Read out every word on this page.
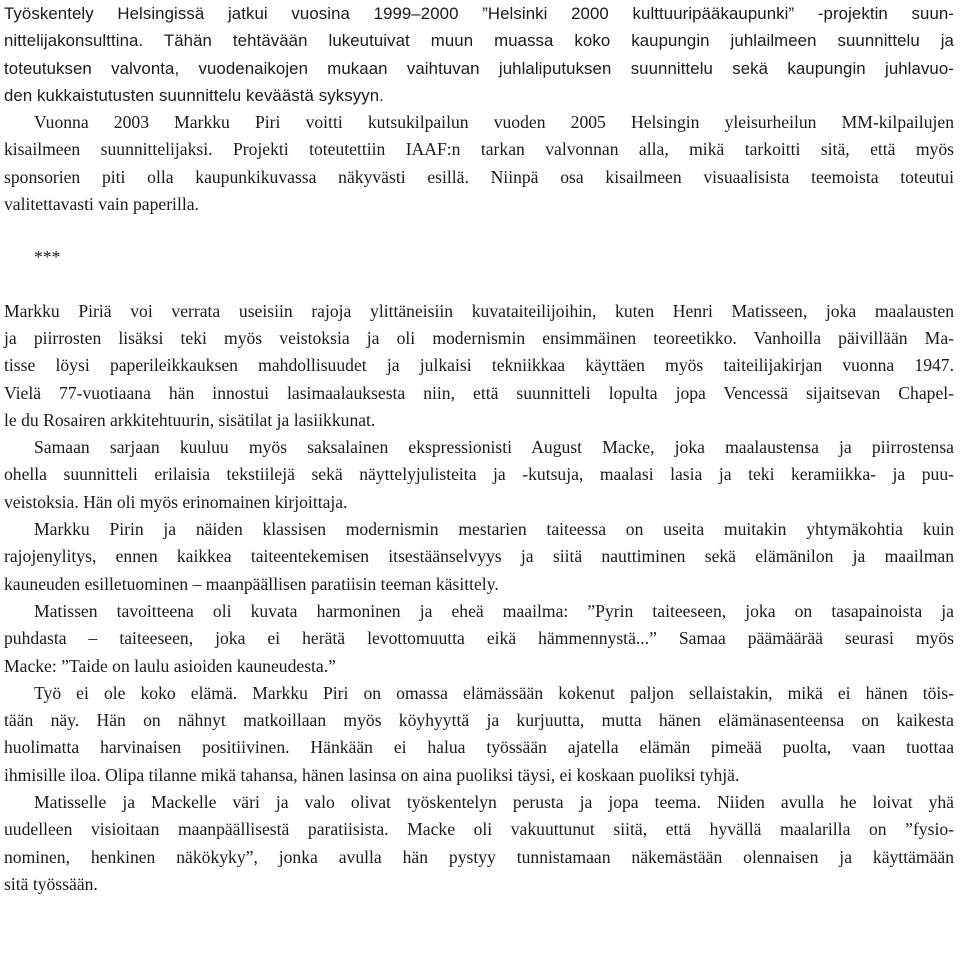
Työskentely Helsingissä jatkui vuosina 1999–2000 ”Helsinki 2000 kulttuuripääkaupunki” -projektin suun-
nittelijakonsulttina. Tähän tehtävään lukeutuivat muun muassa koko kaupungin juhlailmeen suunnittelu ja
toteutuksen valvonta, vuodenaikojen mukaan vaihtuvan juhlaliputuksen suunnittelu sekä kaupungin juhlavuo-
den kukkaistutusten suunnittelu keväästä syksyyn.
Vuonna 2003 Markku Piri voitti kutsukilpailun vuoden 2005 Helsingin yleisurheilun MM-kilpailujen
kisailmeen suunnittelijaksi. Projekti toteutettiin IAAF:n tarkan valvonnan alla, mikä tarkoitti sitä, että myös
sponsorien piti olla kaupunkikuvassa näkyvästi esillä. Niinpä osa kisailmeen visuaalisista teemoista toteutui
valitettavasti vain paperilla.
***
Markku Piriä voi verrata useisiin rajoja ylittäneisiin kuvataiteilijoihin, kuten Henri Matisseen, joka maalausten
ja piirrosten lisäksi teki myös veistoksia ja oli modernismin ensimmäinen teoreetikko. Vanhoilla päivillään Ma-
tisse löysi paperileikkauksen mahdollisuudet ja julkaisi tekniikkaa käyttäen myös taiteilijakirjan vuonna 1947.
Vielä 77-vuotiaana hän innostui lasimaalauksesta niin, että suunnitteli lopulta jopa Vencessä sijaitsevan Chapel-
le du Rosairen arkkitehtuurin, sisätilat ja lasiikkunat.
Samaan sarjaan kuuluu myös saksalainen ekspressionisti August Macke, joka maalaustensa ja piirrostensa
ohella suunnitteli erilaisia tekstiilejä sekä näyttelyjulisteita ja -kutsuja, maalasi lasia ja teki keramiikka- ja puu-
veistoksia. Hän oli myös erinomainen kirjoittaja.
Markku Pirin ja näiden klassisen modernismin mestarien taiteessa on useita muitakin yhtymäkohtia kuin
rajojenylitys, ennen kaikkea taiteentekemisen itsestäänselvyys ja siitä nauttiminen sekä elämänilon ja maailman
kauneuden esilletuominen – maanpäällisen paratiisin teeman käsittely.
Matissen tavoitteena oli kuvata harmoninen ja eheä maailma: ”Pyrin taiteeseen, joka on tasapainoista ja
puhdasta – taiteeseen, joka ei herätä levottomuutta eikä hämmennystä...” Samaa päämäärää seurasi myös
Macke: ”Taide on laulu asioiden kauneudesta.”
Työ ei ole koko elämä. Markku Piri on omassa elämässään kokenut paljon sellaistakin, mikä ei hänen töis-
tään näy. Hän on nähnyt matkoillaan myös köyhyyttä ja kurjuutta, mutta hänen elämänasenteensa on kaikesta
huolimatta harvinaisen positiivinen. Hänkään ei halua työssään ajatella elämän pimeää puolta, vaan tuottaa
ihmisille iloa. Olipa tilanne mikä tahansa, hänen lasinsa on aina puoliksi täysi, ei koskaan puoliksi tyhjä.
Matisselle ja Mackelle väri ja valo olivat työskentelyn perusta ja jopa teema. Niiden avulla he loivat yhä
uudelleen visioitaan maanpäällisestä paratiisista. Macke oli vakuuttunut siitä, että hyvällä maalarilla on ”fysio-
nominen, henkinen näkökyky”, jonka avulla hän pystyy tunnistamaan näkemästään olennaisen ja käyttämään
sitä työssään.
